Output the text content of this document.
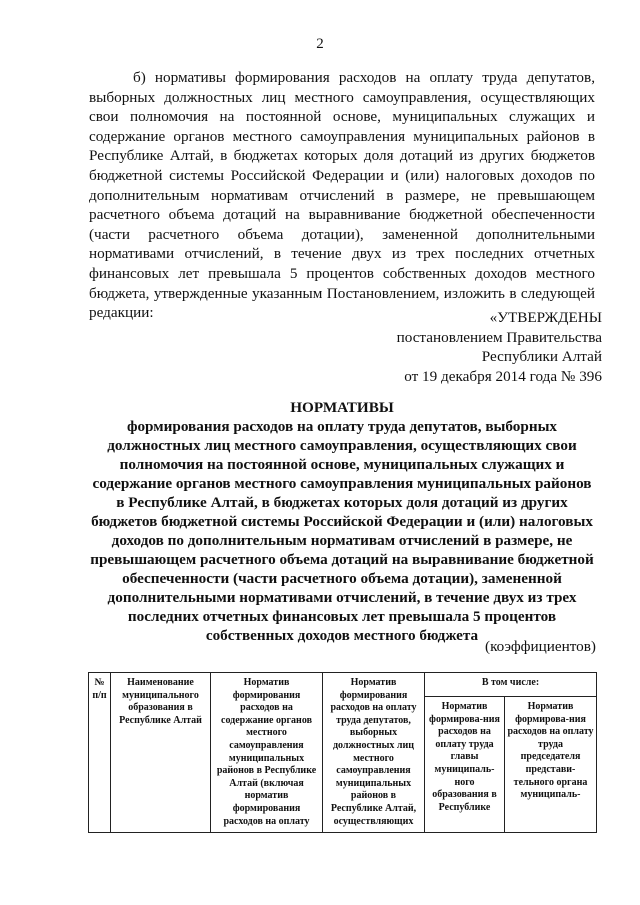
2

б) нормативы формирования расходов на оплату труда депутатов, выборных должностных лиц местного самоуправления, осуществляющих свои полномочия на постоянной основе, муниципальных служащих и содержание органов местного самоуправления муниципальных районов в Республике Алтай, в бюджетах которых доля дотаций из других бюджетов бюджетной системы Российской Федерации и (или) налоговых доходов по дополнительным нормативам отчислений в размере, не превышающем расчетного объема дотаций на выравнивание бюджетной обеспеченности (части расчетного объема дотации), замененной дополнительными нормативами отчислений, в течение двух из трех последних отчетных финансовых лет превышала 5 процентов собственных доходов местного бюджета, утвержденные указанным Постановлением, изложить в следующей редакции:	«УТВЕРЖДЕНЫ
постановлением Правительства
Республики Алтай
от 19 декабря 2014 года № 396
НОРМАТИВЫ
формирования расходов на оплату труда депутатов, выборных должностных лиц местного самоуправления, осуществляющих свои полномочия на постоянной основе, муниципальных служащих и содержание органов местного самоуправления муниципальных районов в Республике Алтай, в бюджетах которых доля дотаций из других бюджетов бюджетной системы Российской Федерации и (или) налоговых доходов по дополнительным нормативам отчислений в размере, не превышающем расчетного объема дотаций на выравнивание бюджетной обеспеченности (части расчетного объема дотации), замененной дополнительными нормативами отчислений, в течение двух из трех последних отчетных финансовых лет превышала 5 процентов собственных доходов местного бюджета
(коэффициентов)
№ п/п	Наименование муниципального образования в Республике Алтай	Норматив формирования расходов на содержание органов местного самоуправления муниципальных районов в Республике Алтай (включая норматив формирования расходов на оплату	Норматив формирования расходов на оплату труда депутатов, выборных должностных лиц местного самоуправления муниципальных районов в Республике Алтай, осуществляющих	В том числе:	
				Норматив формирова-ния расходов на оплату труда главы муниципаль-ного образования в Республике	Норматив формирова-ния расходов на оплату труда председателя представи-тельного органа муниципаль-
